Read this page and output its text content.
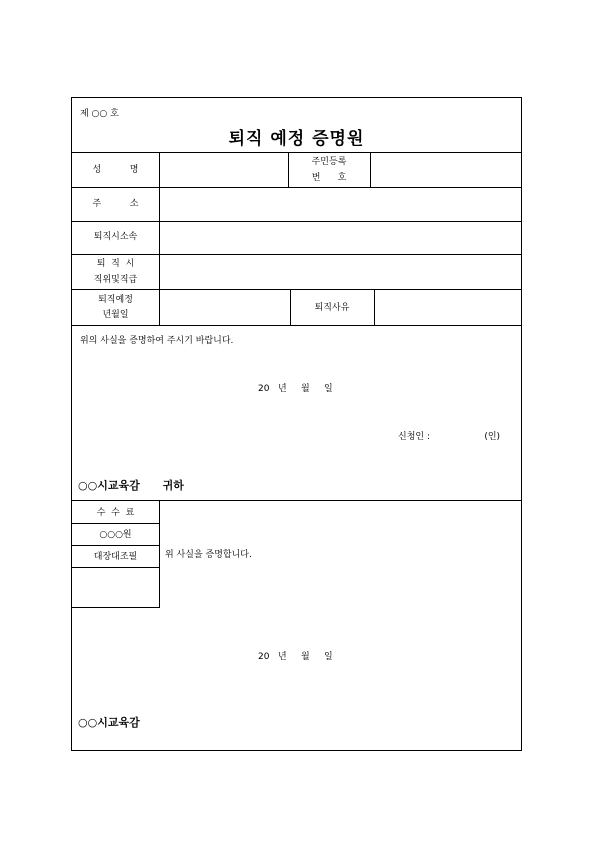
제 ○○ 호
퇴직 예정 증명원
성          명
주민등록
번      호
주          소
퇴직시소속
퇴  직  시
직위및직급
퇴직예정
년월일
퇴직사유
위의 사실을 증명하여 주시기 바랍니다.
20   년     월     일
신청인 :                   (인)
○○시교육감      귀하
수  수  료
○○○원
대장대조필	위 사실을 증명합니다.
20   년     월     일
○○시교육감
